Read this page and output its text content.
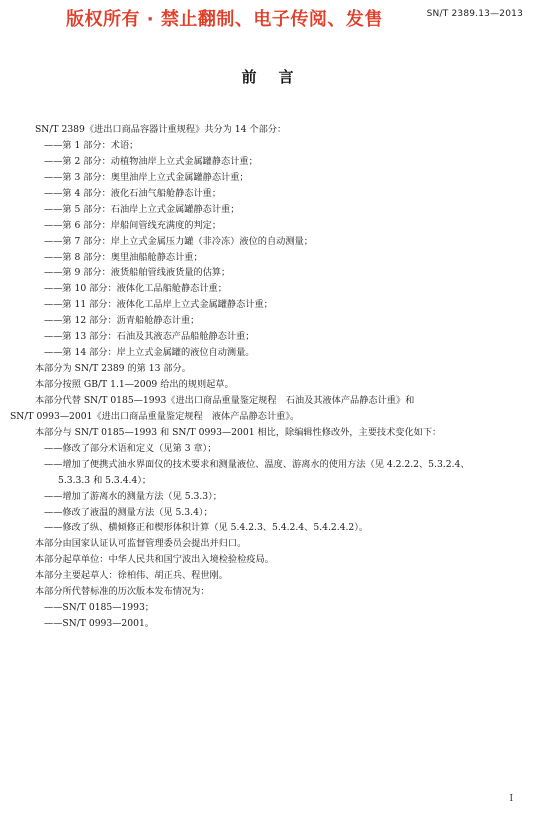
版权所有 · 禁止翻制、电子传阅、发售	SN/T 2389.13—2013
前言
SN/T 2389《进出口商品容器计重规程》共分为 14 个部分：
——第 1 部分：术语；
——第 2 部分：动植物油岸上立式金属罐静态计重；
——第 3 部分：奥里油岸上立式金属罐静态计重；
——第 4 部分：液化石油气船舱静态计重；
——第 5 部分：石油岸上立式金属罐静态计重；
——第 6 部分：岸船间管线充满度的判定；
——第 7 部分：岸上立式金属压力罐（非冷冻）液位的自动测量；
——第 8 部分：奥里油船舱静态计重；
——第 9 部分：液货船舶管线液货量的估算；
——第 10 部分：液体化工品船舱静态计重；
——第 11 部分：液体化工品岸上立式金属罐静态计重；
——第 12 部分：沥青船舱静态计重；
——第 13 部分：石油及其液态产品船舱静态计重；
——第 14 部分：岸上立式金属罐的液位自动测量。
本部分为 SN/T 2389 的第 13 部分。
本部分按照 GB/T 1.1—2009 给出的规则起草。
本部分代替 SN/T 0185—1993《进出口商品重量鉴定规程　石油及其液体产品静态计重》和
SN/T 0993—2001《进出口商品重量鉴定规程　液体产品静态计重》。
本部分与 SN/T 0185—1993 和 SN/T 0993—2001 相比，除编辑性修改外，主要技术变化如下：
——修改了部分术语和定义（见第 3 章）；
——增加了便携式油水界面仪的技术要求和测量液位、温度、游离水的使用方法（见 4.2.2.2、5.3.2.4、
5.3.3.3 和 5.3.4.4）；
——增加了游离水的测量方法（见 5.3.3）；
——修改了液温的测量方法（见 5.3.4）；
——修改了纵、横倾修正和楔形体积计算（见 5.4.2.3、5.4.2.4、5.4.2.4.2）。
本部分由国家认证认可监督管理委员会提出并归口。
本部分起草单位：中华人民共和国宁波出入境检验检疫局。
本部分主要起草人：徐柏伟、胡正兵、程世刚。
本部分所代替标准的历次版本发布情况为：
——SN/T 0185—1993；
——SN/T 0993—2001。
I
